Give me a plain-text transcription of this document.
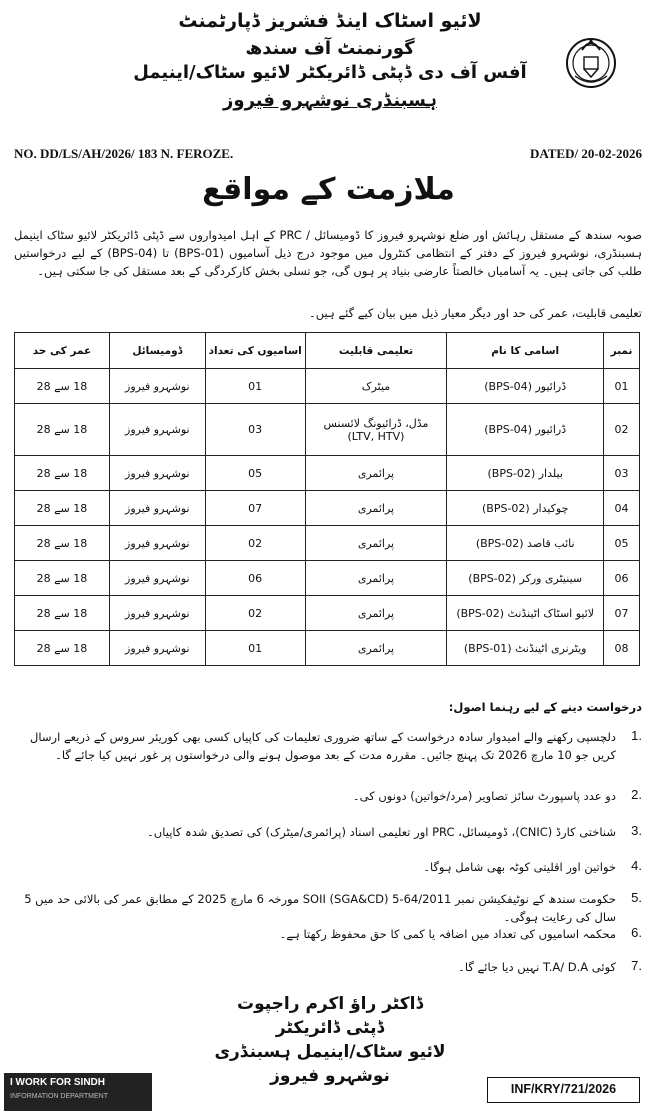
لائیو اسٹاک اینڈ فشریز ڈپارٹمنٹ
گورنمنٹ آف سندھ
آفس آف دی ڈپٹی ڈائریکٹر لائیو سٹاک/اینیمل
ہسبنڈری نوشہرو فیروز
NO. DD/LS/AH/2026/ 183 N. FEROZE.	DATED/ 20-02-2026
ملازمت کے مواقع
صوبہ سندھ کے مستقل رہائش اور ضلع نوشہرو فیروز کا ڈومیسائل / PRC کے اہل امیدواروں سے ڈپٹی ڈائریکٹر لائیو سٹاک اینیمل ہسبنڈری، نوشہرو فیروز کے دفتر کے انتظامی کنٹرول میں موجود درج ذیل آسامیوں (BPS-01) تا (BPS-04) کے لیے درخواستیں طلب کی جاتی ہیں۔ یہ آسامیاں خالصتاً عارضی بنیاد پر ہوں گی، جو تسلی بخش کارکردگی کے بعد مستقل کی جا سکتی ہیں۔
تعلیمی قابلیت، عمر کی حد اور دیگر معیار ذیل میں بیان کیے گئے ہیں۔
نمبر	اسامی کا نام	تعلیمی قابلیت	اسامیوں کی تعداد	ڈومیسائل	عمر کی حد
01	ڈرائیور (BPS-04)	میٹرک	01	نوشہرو فیروز	18 سے 28
02	ڈرائیور (BPS-04)	مڈل، ڈرائیونگ لائسنس
(LTV, HTV)	03	نوشہرو فیروز	18 سے 28
03	بیلدار (BPS-02)	پرائمری	05	نوشہرو فیروز	18 سے 28
04	چوکیدار (BPS-02)	پرائمری	07	نوشہرو فیروز	18 سے 28
05	نائب قاصد (BPS-02)	پرائمری	02	نوشہرو فیروز	18 سے 28
06	سینیٹری ورکر (BPS-02)	پرائمری	06	نوشہرو فیروز	18 سے 28
07	لائیو اسٹاک اٹینڈنٹ (BPS-02)	پرائمری	02	نوشہرو فیروز	18 سے 28
08	ویٹرنری اٹینڈنٹ (BPS-01)	پرائمری	01	نوشہرو فیروز	18 سے 28
درخواست دینے کے لیے رہنما اصول:
1.
دلچسپی رکھنے والے امیدوار سادہ درخواست کے ساتھ ضروری تعلیمات کی کاپیاں کسی بھی کوریئر سروس کے ذریعے ارسال کریں جو 10 مارچ 2026 تک پہنچ جائیں۔ مقررہ مدت کے بعد موصول ہونے والی درخواستوں پر غور نہیں کیا جائے گا۔
2.
دو عدد پاسپورٹ سائز تصاویر (مرد/خواتین) دونوں کی۔
3.
شناختی کارڈ (CNIC)، ڈومیسائل، PRC اور تعلیمی اسناد (پرائمری/میٹرک) کی تصدیق شدہ کاپیاں۔
4.
خواتین اور اقلیتی کوٹہ بھی شامل ہوگا۔
5.
حکومت سندھ کے نوٹیفکیشن نمبر SOII (SGA&CD) 5-64/2011 مورخہ 6 مارچ 2025 کے مطابق عمر کی بالائی حد میں 5 سال کی رعایت ہوگی۔
6.
محکمہ اسامیوں کی تعداد میں اضافہ یا کمی کا حق محفوظ رکھتا ہے۔
7.
کوئی T.A/ D.A نہیں دیا جائے گا۔
ڈاکٹر راؤ اکرم راجپوت
ڈپٹی ڈائریکٹر
لائیو سٹاک/اینیمل ہسبنڈری
نوشہرو فیروز
I WORK FOR SINDH
INFORMATION DEPARTMENT
INF/KRY/721/2026
